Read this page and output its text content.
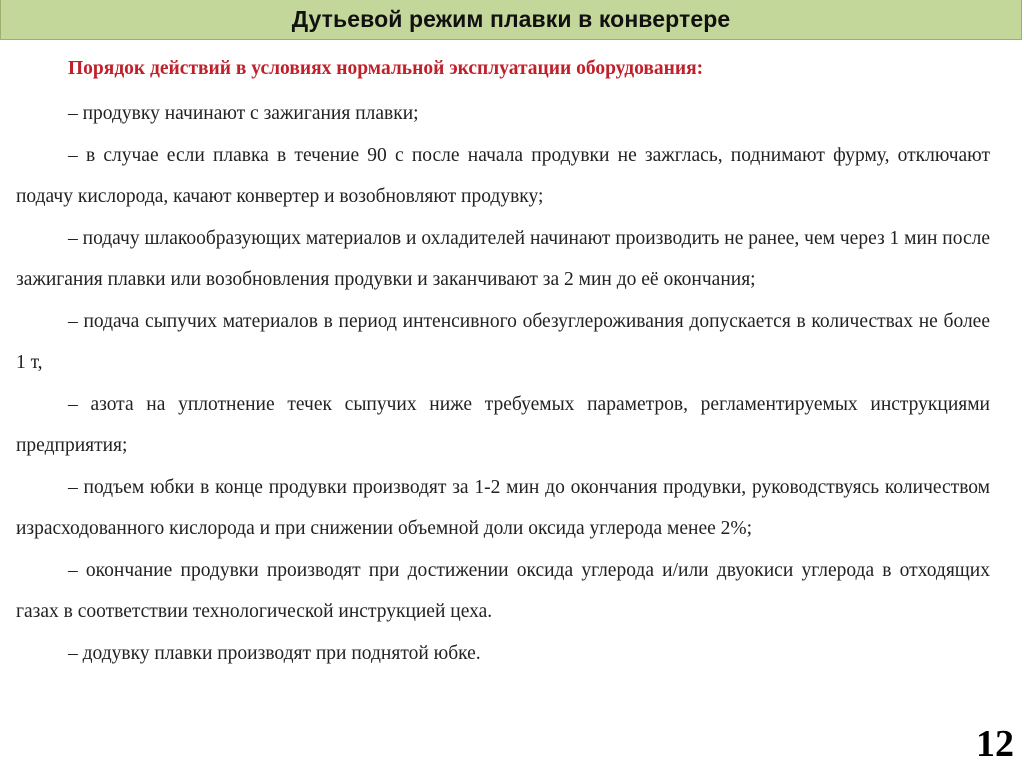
Дутьевой режим плавки в конвертере

Порядок действий в условиях нормальной эксплуатации оборудования:

– продувку начинают с зажигания плавки;

– в случае если плавка в течение 90 с после начала продувки не зажглась, поднимают фурму, отключают подачу кислорода, качают конвертер и возобновляют продувку;

– подачу шлакообразующих материалов и охладителей начинают производить не ранее, чем через 1 мин после зажигания плавки или возобновления продувки и заканчивают за 2 мин до её окончания;

– подача сыпучих материалов в период интенсивного обезуглероживания допускается в количествах не более 1 т,

– азота на уплотнение течек сыпучих ниже требуемых параметров, регламентируемых инструкциями предприятия;

– подъем юбки в конце продувки производят за 1-2 мин до окончания продувки, руководствуясь количеством израсходованного кислорода и при снижении объемной доли оксида углерода менее 2%;

– окончание продувки производят при достижении оксида углерода и/или двуокиси углерода в отходящих газах в соответствии технологической инструкцией цеха.

– додувку плавки производят при поднятой юбке.

12
